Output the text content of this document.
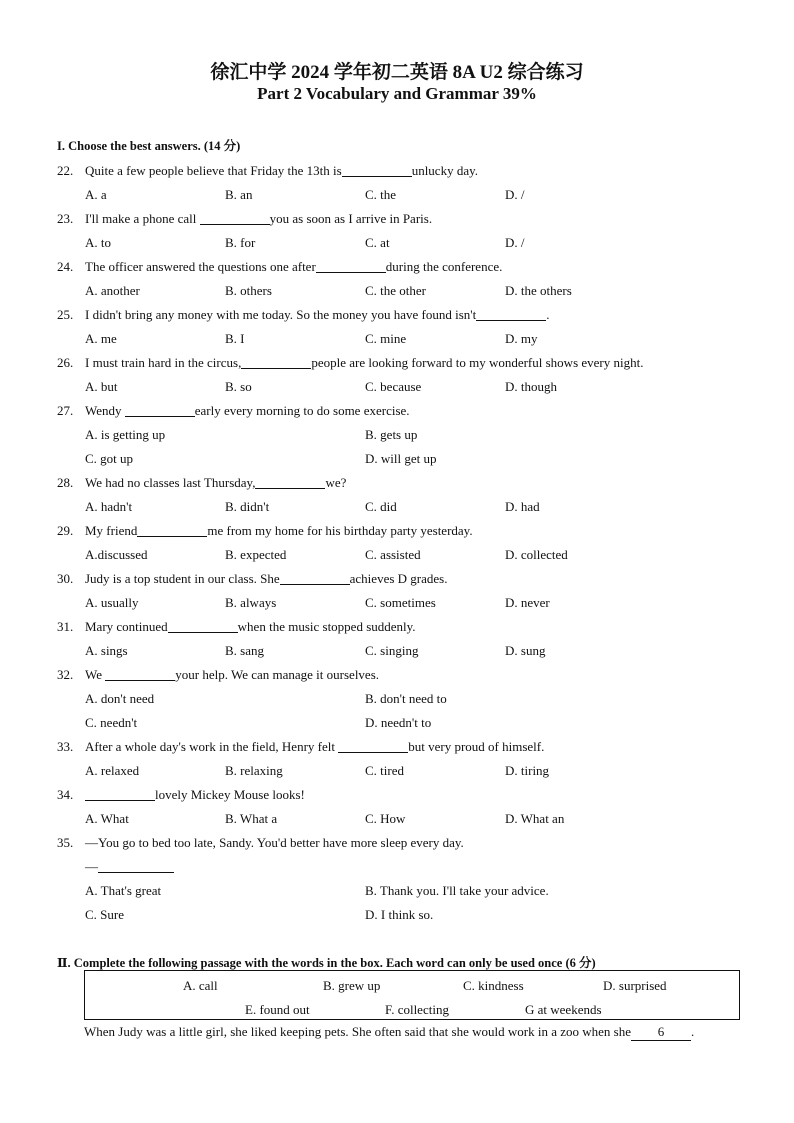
徐汇中学 2024 学年初二英语 8A U2 综合练习
Part 2 Vocabulary and Grammar 39%
I. Choose the best answers. (14 分)
22. Quite a few people believe that Friday the 13th is	unlucky day.
A. a	B. an	C. the	D. /
23. I'll make a phone call	you as soon as I arrive in Paris.
A. to	B. for	C. at	D. /
24. The officer answered the questions one after	during the conference.
A. another	B. others	C. the other	D. the others
25. I didn't bring any money with me today. So the money you have found isn't	.
A. me	B. I	C. mine	D. my
26. I must train hard in the circus,	people are looking forward to my wonderful shows every night.
A. but	B. so	C. because	D. though
27. Wendy	early every morning to do some exercise.
A. is getting up	B. gets up
C. got up	D. will get up
28. We had no classes last Thursday,	we?
A. hadn't	B. didn't	C. did	D. had
29. My friend	me from my home for his birthday party yesterday.
A.discussed	B. expected	C. assisted	D. collected
30. Judy is a top student in our class. She	achieves D grades.
A. usually	B. always	C. sometimes	D. never
31. Mary continued	when the music stopped suddenly.
A. sings	B. sang	C. singing	D. sung
32. We	your help. We can manage it ourselves.
A. don't need	B. don't need to
C. needn't	D. needn't to
33. After a whole day's work in the field, Henry felt	but very proud of himself.
A. relaxed	B. relaxing	C. tired	D. tiring
34.	lovely Mickey Mouse looks!
A. What	B. What a	C. How	D. What an
35. —You go to bed too late, Sandy. You'd better have more sleep every day.
—
A. That's great	B. Thank you. I'll take your advice.
C. Sure	D. I think so.
Ⅱ. Complete the following passage with the words in the box. Each word can only be used once (6 分)
A. call	B. grew up	C. kindness	D. surprised
E. found out	F. collecting	G at weekends
When Judy was a little girl, she liked keeping pets. She often said that she would work in a zoo when she 6 .
